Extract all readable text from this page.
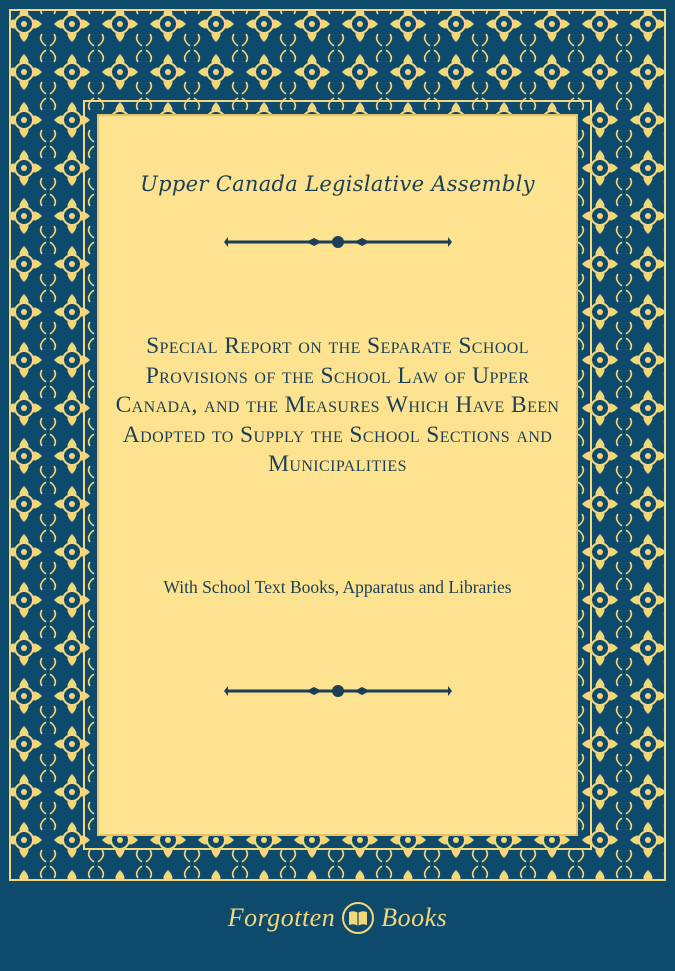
Upper Canada Legislative Assembly
Special Report on the Separate School Provisions of the School Law of Upper Canada, and the Measures Which Have Been Adopted to Supply the School Sections and Municipalities
With School Text Books, Apparatus and Libraries
Forgotten Books
